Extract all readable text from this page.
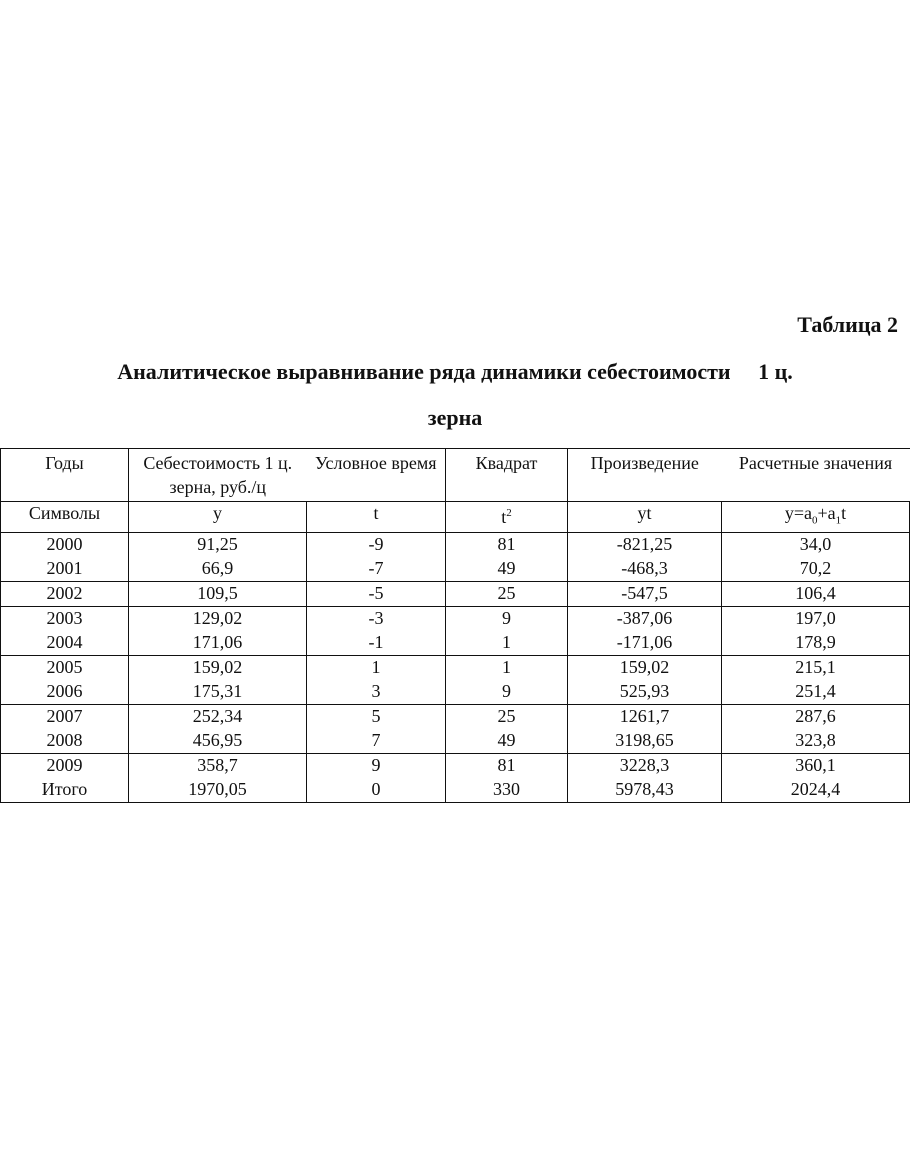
Таблица 2
Аналитическое выравнивание ряда динамики себестоимости     1 ц.
зерна
Годы	Себестоимость 1 ц. зерна, руб./ц	Условное время	Квадрат	Произведение	Расчетные значения
Символы	y	t	$t^2$	yt	$y=a_0+a_1t$
2000	91,25	-9	81	-821,25	34,0
2001	66,9	-7	49	-468,3	70,2
2002	109,5	-5	25	-547,5	106,4
2003	129,02	-3	9	-387,06	197,0
2004	171,06	-1	1	-171,06	178,9
2005	159,02	1	1	159,02	215,1
2006	175,31	3	9	525,93	251,4
2007	252,34	5	25	1261,7	287,6
2008	456,95	7	49	3198,65	323,8
2009	358,7	9	81	3228,3	360,1
Итого	1970,05	0	330	5978,43	2024,4
